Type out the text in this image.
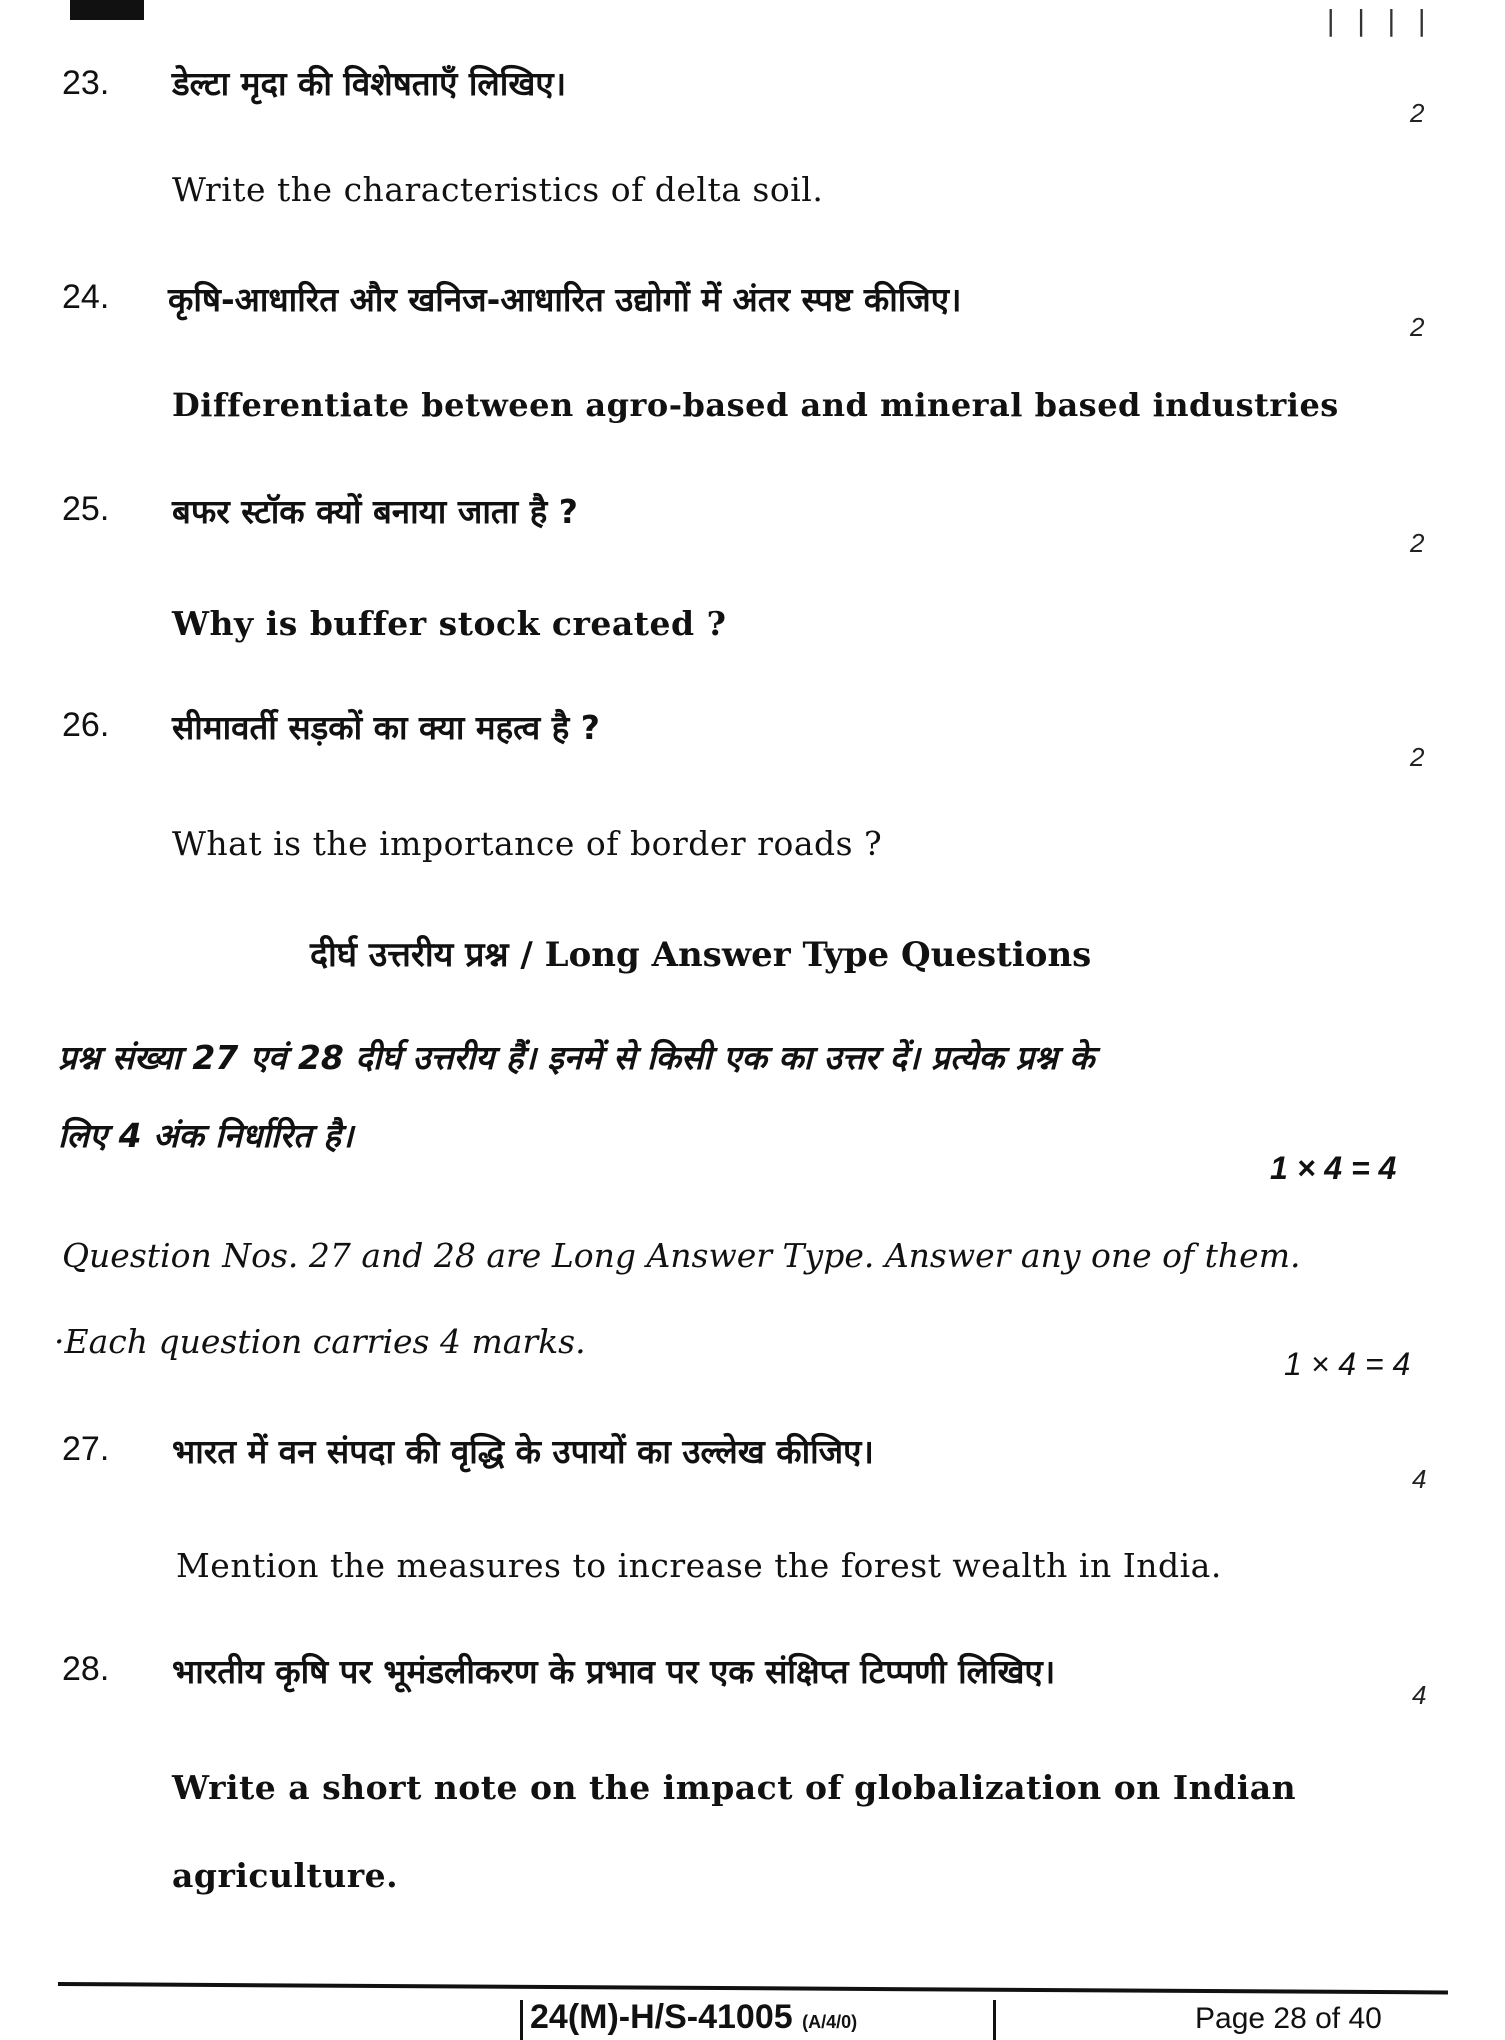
| | | |
23. डेल्टा मृदा की विशेषताएँ लिखिए।
2
Write the characteristics of delta soil.
24. कृषि-आधारित और खनिज-आधारित उद्योगों में अंतर स्पष्ट कीजिए।
2
Differentiate between agro-based and mineral based industries
25. बफर स्टॉक क्यों बनाया जाता है ?
2
Why is buffer stock created ?
26. सीमावर्ती सड़कों का क्या महत्व है ?
2
What is the importance of border roads ?
दीर्घ उत्तरीय प्रश्न / Long Answer Type Questions
प्रश्न संख्या 27 एवं 28 दीर्घ उत्तरीय हैं। इनमें से किसी एक का उत्तर दें। प्रत्येक प्रश्न के
लिए 4 अंक निर्धारित है।
1 × 4 = 4
Question Nos. 27 and 28 are Long Answer Type. Answer any one of them.
·Each question carries 4 marks.
1 × 4 = 4
27. भारत में वन संपदा की वृद्धि के उपायों का उल्लेख कीजिए।
4
Mention the measures to increase the forest wealth in India.
28. भारतीय कृषि पर भूमंडलीकरण के प्रभाव पर एक संक्षिप्त टिप्पणी लिखिए।
4
Write a short note on the impact of globalization on Indian
agriculture.
24(M)-H/S-41005 (A/4/0)	Page 28 of 40
